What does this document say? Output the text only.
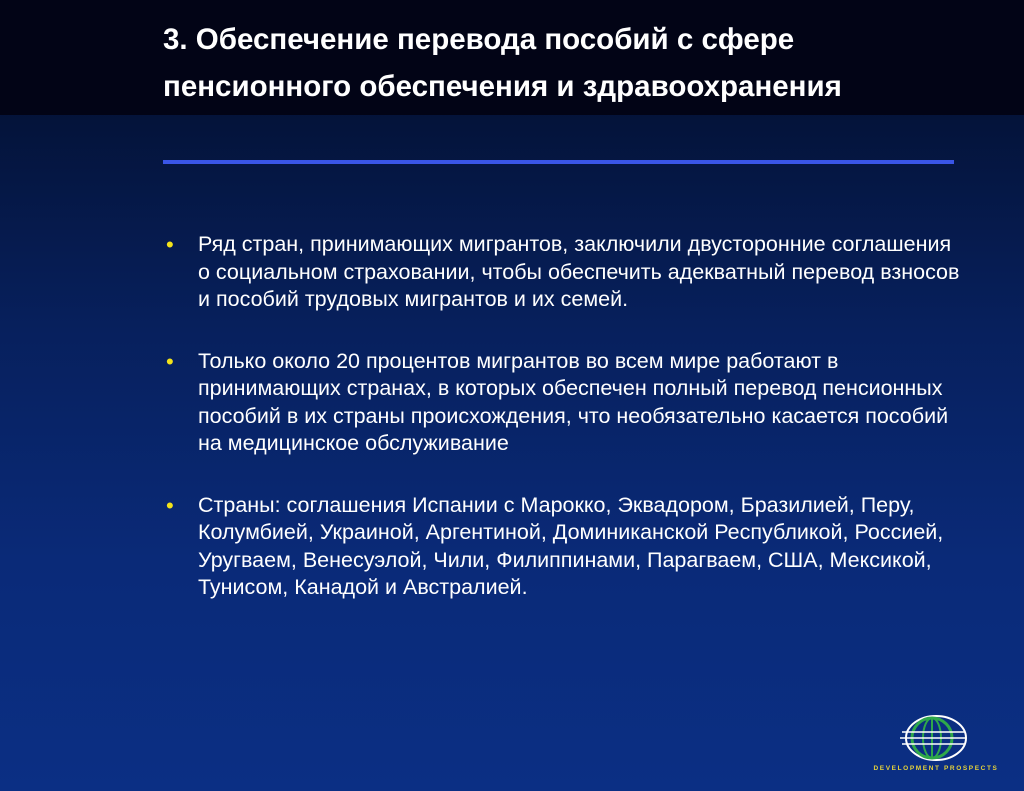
3. Обеспечение перевода пособий с сфере пенсионного обеспечения и здравоохранения
• Ряд стран, принимающих мигрантов, заключили двусторонние соглашения о социальном страховании, чтобы обеспечить адекватный перевод взносов и пособий трудовых мигрантов и их семей.
• Только около 20 процентов мигрантов во всем мире работают в принимающих странах, в которых обеспечен полный перевод пенсионных пособий в их страны происхождения, что необязательно касается пособий на медицинское обслуживание
• Страны: соглашения Испании с Марокко, Эквадором, Бразилией, Перу, Колумбией, Украиной, Аргентиной, Доминиканской Республикой, Россией, Уругваем, Венесуэлой, Чили, Филиппинами, Парагваем, США, Мексикой, Тунисом, Канадой и Австралией.
DEVELOPMENT PROSPECTS
